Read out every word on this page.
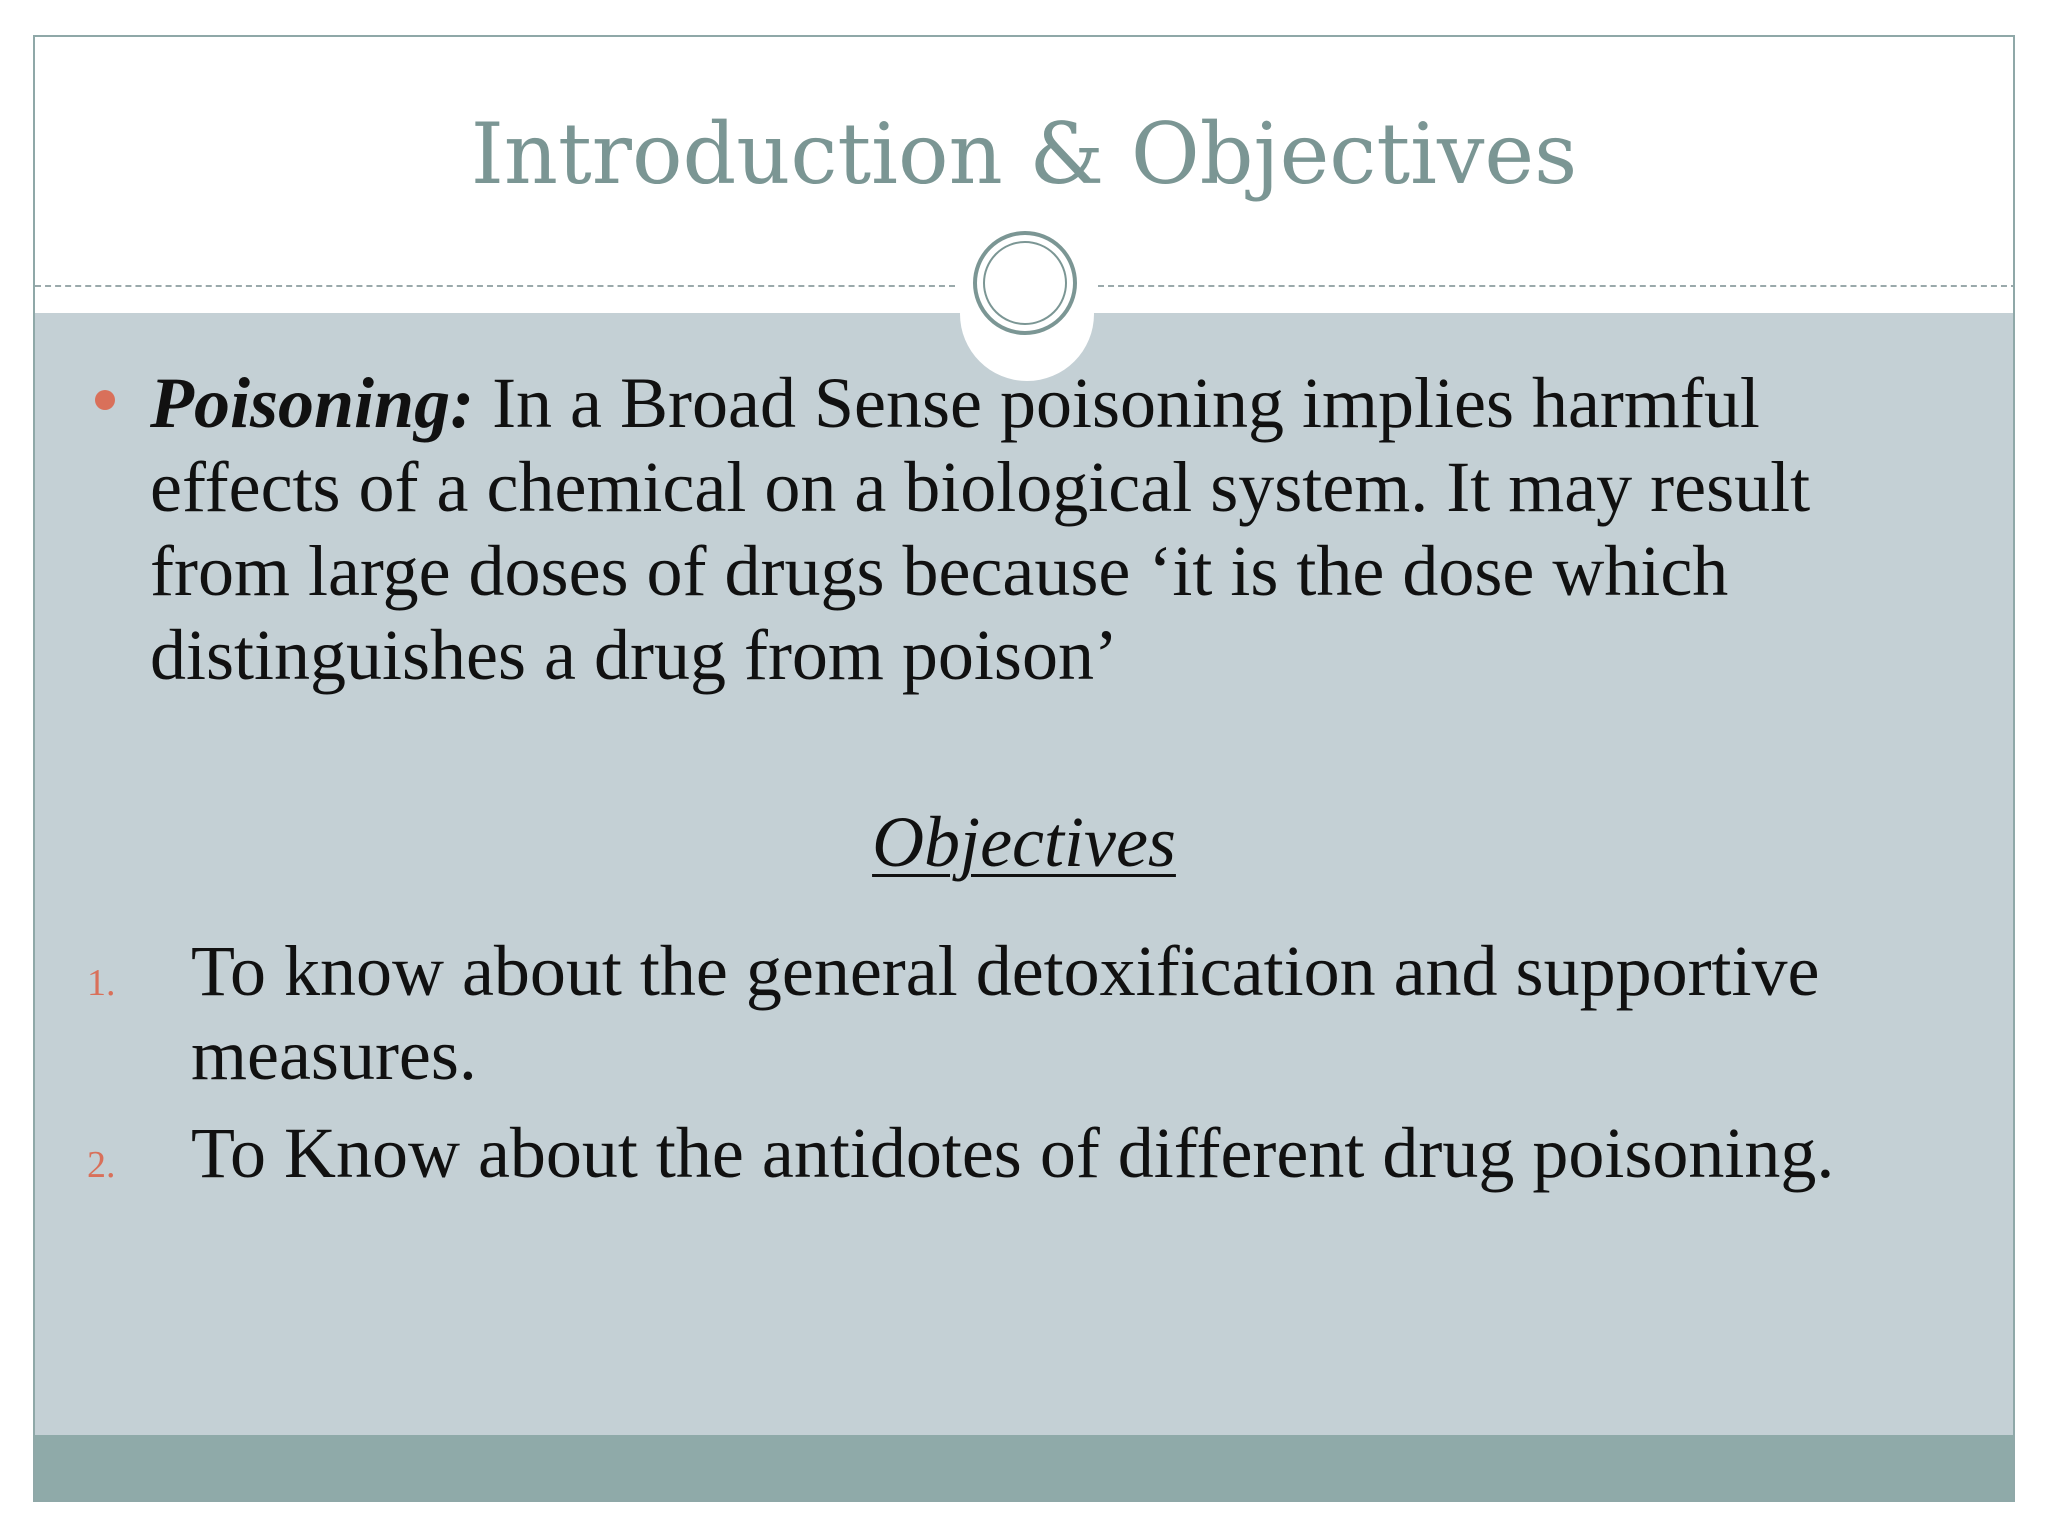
Introduction & Objectives
Poisoning: In a Broad Sense poisoning implies harmful effects of a chemical on a biological system. It may result from large doses of drugs because ‘it is the dose which distinguishes a drug from poison’
Objectives
1. To know about the general detoxification and supportive measures.
2. To Know about the antidotes of different drug poisoning.
